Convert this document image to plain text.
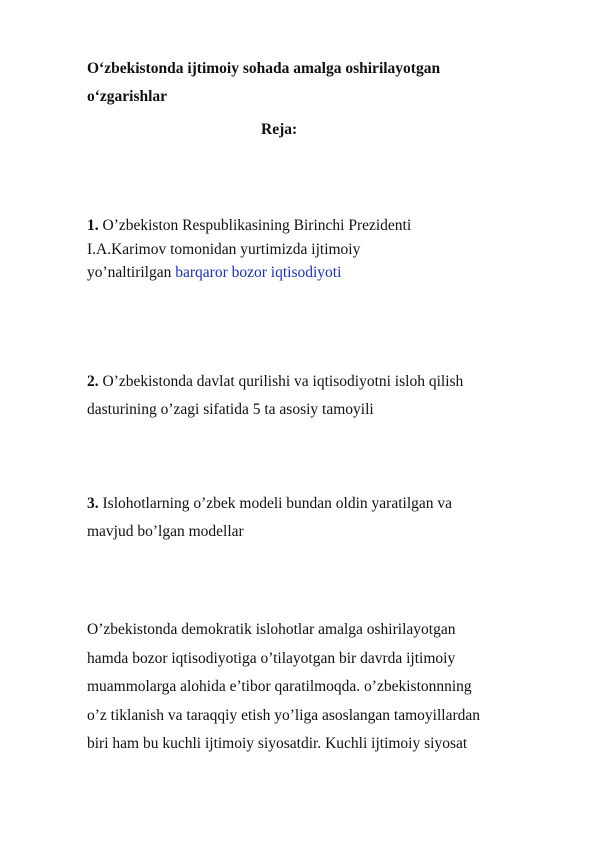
O‘zbekistonda ijtimoiy sohada amalga oshirilayotgan
o‘zgarishlar
Reja:

1. O’zbekiston Respublikasining Birinchi Prezidenti
I.A.Karimov tomonidan yurtimizda ijtimoiy
yo’naltirilgan barqaror bozor iqtisodiyoti

2. O’zbekistonda davlat qurilishi va iqtisodiyotni isloh qilish
dasturining o’zagi sifatida 5 ta asosiy tamoyili

3. Islohotlarning o’zbek modeli bundan oldin yaratilgan va
mavjud bo’lgan modellar

O’zbekistonda demokratik islohotlar amalga oshirilayotgan
hamda bozor iqtisodiyotiga o’tilayotgan bir davrda ijtimoiy
muammolarga alohida e’tibor qaratilmoqda. o’zbekistonnning
o’z tiklanish va taraqqiy etish yo’liga asoslangan tamoyillardan
biri ham bu kuchli ijtimoiy siyosatdir. Kuchli ijtimoiy siyosat
